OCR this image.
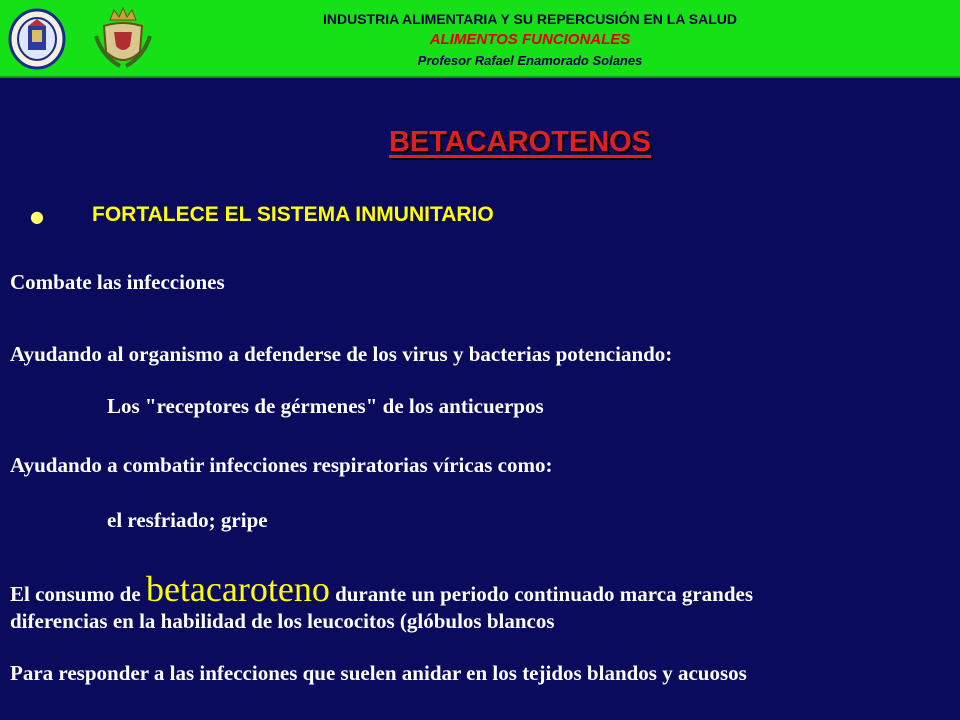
INDUSTRIA ALIMENTARIA Y SU REPERCUSIÓN EN LA SALUD
ALIMENTOS FUNCIONALES
Profesor Rafael Enamorado Solanes
BETACAROTENOS
● FORTALECE EL SISTEMA INMUNITARIO
Combate las infecciones
Ayudando al organismo a defenderse de los virus y bacterias potenciando:
Los "receptores de gérmenes" de los anticuerpos
Ayudando a combatir infecciones respiratorias víricas como:
el resfriado; gripe
El consumo de betacaroteno durante un periodo continuado marca grandes
diferencias en la habilidad de los leucocitos (glóbulos blancos
Para responder a las infecciones que suelen anidar en los tejidos blandos y acuosos
